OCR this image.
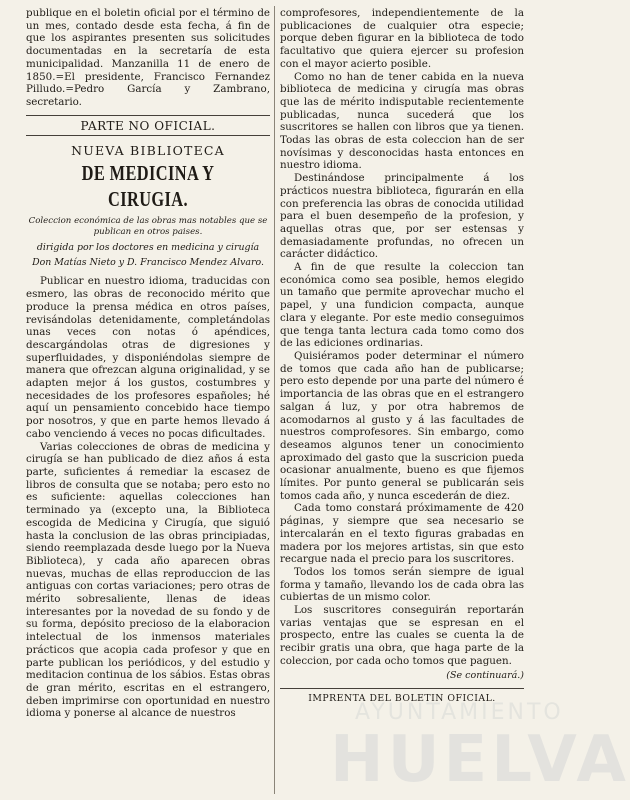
publique en el boletin oficial por el término de un mes, contado desde esta fecha, á fin de que los aspirantes presenten sus solicitudes documentadas en la secretaría de esta municipalidad. Manzanilla 11 de enero de 1850.=El presidente, Francisco Fernandez Pilludo.=Pedro García y Zambrano, secretario.

PARTE NO OFICIAL.
NUEVA BIBLIOTECA
DE MEDICINA Y CIRUGIA.
Coleccion económica de las obras mas notables que se publican en otros paises.
dirigida por los doctores en medicina y cirugía
Don Matías Nieto y D. Francisco Mendez Alvaro.

Publicar en nuestro idioma, traducidas con esmero, las obras de reconocido mérito que produce la prensa médica en otros países, revisándolas detenidamente, completándolas unas veces con notas ó apéndices, descargándolas otras de digresiones y superfluidades, y disponiéndolas siempre de manera que ofrezcan alguna originalidad, y se adapten mejor á los gustos, costumbres y necesidades de los profesores españoles; hé aquí un pensamiento concebido hace tiempo por nosotros, y que en parte hemos llevado á cabo venciendo á veces no pocas dificultades.

Varias colecciones de obras de medicina y cirugía se han publicado de diez años á esta parte, suficientes á remediar la escasez de libros de consulta que se notaba; pero esto no es suficiente: aquellas colecciones han terminado ya (excepto una, la Biblioteca escogida de Medicina y Cirugía, que siguió hasta la conclusion de las obras principiadas, siendo reemplazada desde luego por la Nueva Biblioteca), y cada año aparecen obras nuevas, muchas de ellas reproduccion de las antiguas con cortas variaciones; pero otras de mérito sobresaliente, llenas de ideas interesantes por la novedad de su fondo y de su forma, depósito precioso de la elaboracion intelectual de los inmensos materiales prácticos que acopia cada profesor y que en parte publican los periódicos, y del estudio y meditacion continua de los sábios. Estas obras de gran mérito, escritas en el estrangero, deben imprimirse con oportunidad en nuestro idioma y ponerse al alcance de nuestros

comprofesores, independientemente de la publicaciones de cualquier otra especie; porque deben figurar en la biblioteca de todo facultativo que quiera ejercer su profesion con el mayor acierto posible.

Como no han de tener cabida en la nueva biblioteca de medicina y cirugía mas obras que las de mérito indisputable recientemente publicadas, nunca sucederá que los suscritores se hallen con libros que ya tienen. Todas las obras de esta coleccion han de ser novísimas y desconocidas hasta entonces en nuestro idioma.

Destinándose principalmente á los prácticos nuestra biblioteca, figurarán en ella con preferencia las obras de conocida utilidad para el buen desempeño de la profesion, y aquellas otras que, por ser estensas y demasiadamente profundas, no ofrecen un carácter didáctico.

A fin de que resulte la coleccion tan económica como sea posible, hemos elegido un tamaño que permite aprovechar mucho el papel, y una fundicion compacta, aunque clara y elegante. Por este medio conseguimos que tenga tanta lectura cada tomo como dos de las ediciones ordinarias.

Quisiéramos poder determinar el número de tomos que cada año han de publicarse; pero esto depende por una parte del número é importancia de las obras que en el estrangero salgan á luz, y por otra habremos de acomodarnos al gusto y á las facultades de nuestros comprofesores. Sin embargo, como deseamos algunos tener un conocimiento aproximado del gasto que la suscricion pueda ocasionar anualmente, bueno es que fijemos límites. Por punto general se publicarán seis tomos cada año, y nunca escederán de diez.

Cada tomo constará próximamente de 420 páginas, y siempre que sea necesario se intercalarán en el texto figuras grabadas en madera por los mejores artistas, sin que esto recargue nada el precio para los suscritores.

Todos los tomos serán siempre de igual forma y tamaño, llevando los de cada obra las cubiertas de un mismo color.

Los suscritores conseguirán reportarán varias ventajas que se espresan en el prospecto, entre las cuales se cuenta la de recibir gratis una obra, que haga parte de la coleccion, por cada ocho tomos que paguen.

(Se continuará.)
IMPRENTA DEL BOLETIN OFICIAL.
AYUNTAMIENTO
HUELVA
